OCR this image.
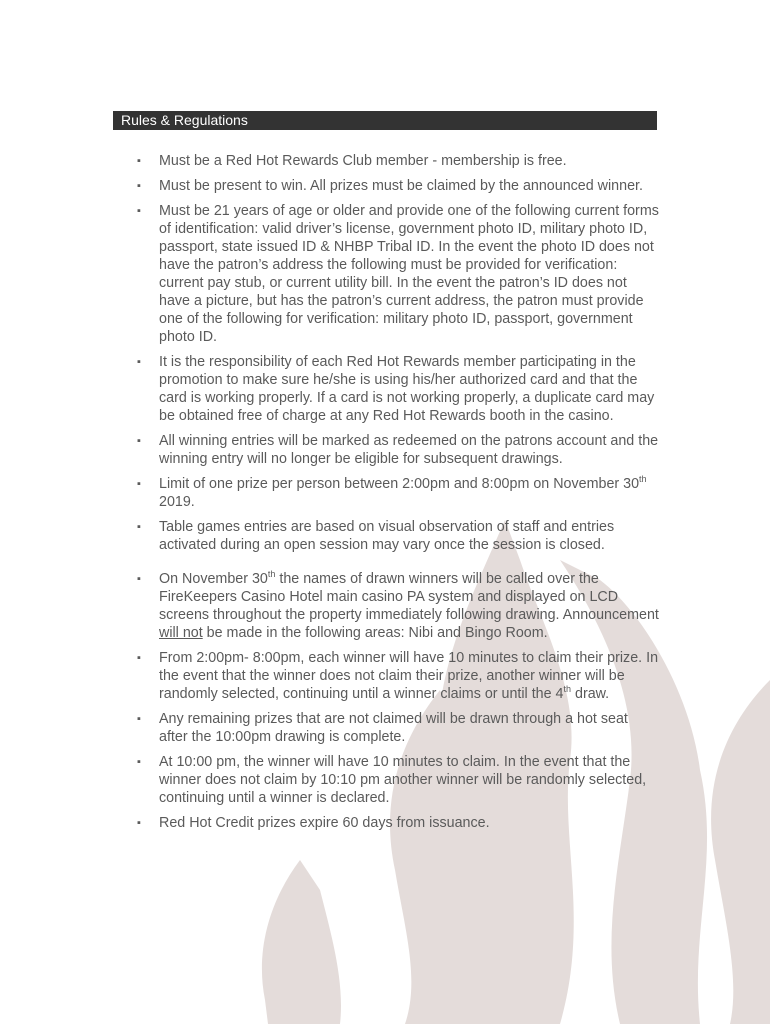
Rules & Regulations
▪ Must be a Red Hot Rewards Club member - membership is free.
▪ Must be present to win. All prizes must be claimed by the announced winner.
▪ Must be 21 years of age or older and provide one of the following current forms of identification: valid driver’s license, government photo ID, military photo ID, passport, state issued ID & NHBP Tribal ID. In the event the photo ID does not have the patron’s address the following must be provided for verification: current pay stub, or current utility bill. In the event the patron’s ID does not have a picture, but has the patron’s current address, the patron must provide one of the following for verification: military photo ID, passport, government photo ID.
▪ It is the responsibility of each Red Hot Rewards member participating in the promotion to make sure he/she is using his/her authorized card and that the card is working properly. If a card is not working properly, a duplicate card may be obtained free of charge at any Red Hot Rewards booth in the casino.
▪ All winning entries will be marked as redeemed on the patrons account and the winning entry will no longer be eligible for subsequent drawings.
▪ Limit of one prize per person between 2:00pm and 8:00pm on November 30th 2019.
▪ Table games entries are based on visual observation of staff and entries activated during an open session may vary once the session is closed.
▪ On November 30th the names of drawn winners will be called over the FireKeepers Casino Hotel main casino PA system and displayed on LCD screens throughout the property immediately following drawing. Announcement will not be made in the following areas: Nibi and Bingo Room.
▪ From 2:00pm- 8:00pm, each winner will have 10 minutes to claim their prize. In the event that the winner does not claim their prize, another winner will be randomly selected, continuing until a winner claims or until the 4th draw.
▪ Any remaining prizes that are not claimed will be drawn through a hot seat after the 10:00pm drawing is complete.
▪ At 10:00 pm, the winner will have 10 minutes to claim. In the event that the winner does not claim by 10:10 pm another winner will be randomly selected, continuing until a winner is declared.
▪ Red Hot Credit prizes expire 60 days from issuance.
